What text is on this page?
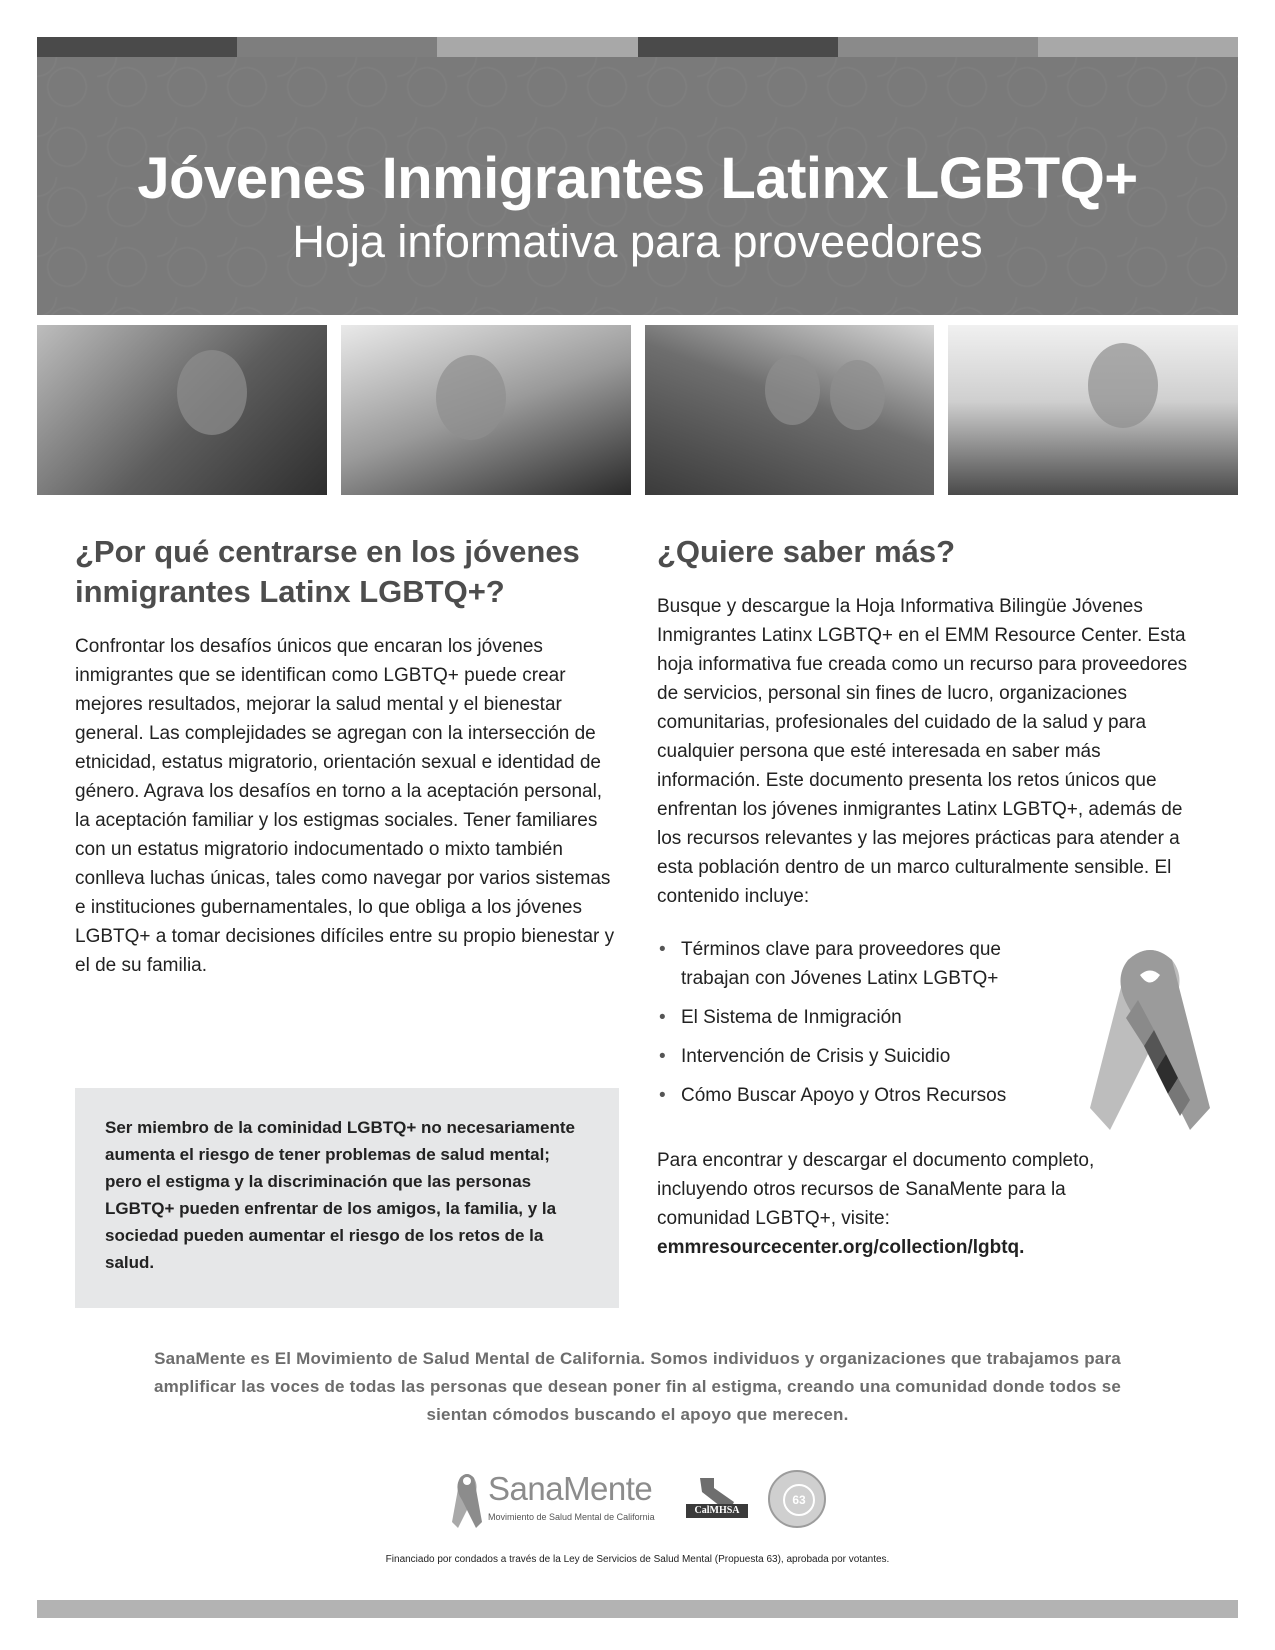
Jóvenes Inmigrantes Latinx LGBTQ+
Hoja informativa para proveedores
¿Por qué centrarse en los jóvenes inmigrantes Latinx LGBTQ+?

Confrontar los desafíos únicos que encaran los jóvenes inmigrantes que se identifican como LGBTQ+ puede crear mejores resultados, mejorar la salud mental y el bienestar general. Las complejidades se agregan con la intersección de etnicidad, estatus migratorio, orientación sexual e identidad de género. Agrava los desafíos en torno a la aceptación personal, la aceptación familiar y los estigmas sociales. Tener familiares con un estatus migratorio indocumentado o mixto también conlleva luchas únicas, tales como navegar por varios sistemas e instituciones gubernamentales, lo que obliga a los jóvenes LGBTQ+ a tomar decisiones difíciles entre su propio bienestar y el de su familia.

Ser miembro de la cominidad LGBTQ+ no necesariamente aumenta el riesgo de tener problemas de salud mental; pero el estigma y la discriminación que las personas LGBTQ+ pueden enfrentar de los amigos, la familia, y la sociedad pueden aumentar el riesgo de los retos de la salud.

¿Quiere saber más?

Busque y descargue la Hoja Informativa Bilingüe Jóvenes Inmigrantes Latinx LGBTQ+ en el EMM Resource Center. Esta hoja informativa fue creada como un recurso para proveedores de servicios, personal sin fines de lucro, organizaciones comunitarias, profesionales del cuidado de la salud y para cualquier persona que esté interesada en saber más información. Este documento presenta los retos únicos que enfrentan los jóvenes inmigrantes Latinx LGBTQ+, además de los recursos relevantes y las mejores prácticas para atender a esta población dentro de un marco culturalmente sensible. El contenido incluye:

• Términos clave para proveedores que trabajan con Jóvenes Latinx LGBTQ+
• El Sistema de Inmigración
• Intervención de Crisis y Suicidio
• Cómo Buscar Apoyo y Otros Recursos

Para encontrar y descargar el documento completo, incluyendo otros recursos de SanaMente para la comunidad LGBTQ+, visite:
emmresourcecenter.org/collection/lgbtq.

SanaMente es El Movimiento de Salud Mental de California. Somos individuos y organizaciones que trabajamos para amplificar las voces de todas las personas que desean poner fin al estigma, creando una comunidad donde todos se sientan cómodos buscando el apoyo que merecen.
SanaMente
Movimiento de Salud Mental de California
CalMHSA
63
Financiado por condados a través de la Ley de Servicios de Salud Mental (Propuesta 63), aprobada por votantes.
